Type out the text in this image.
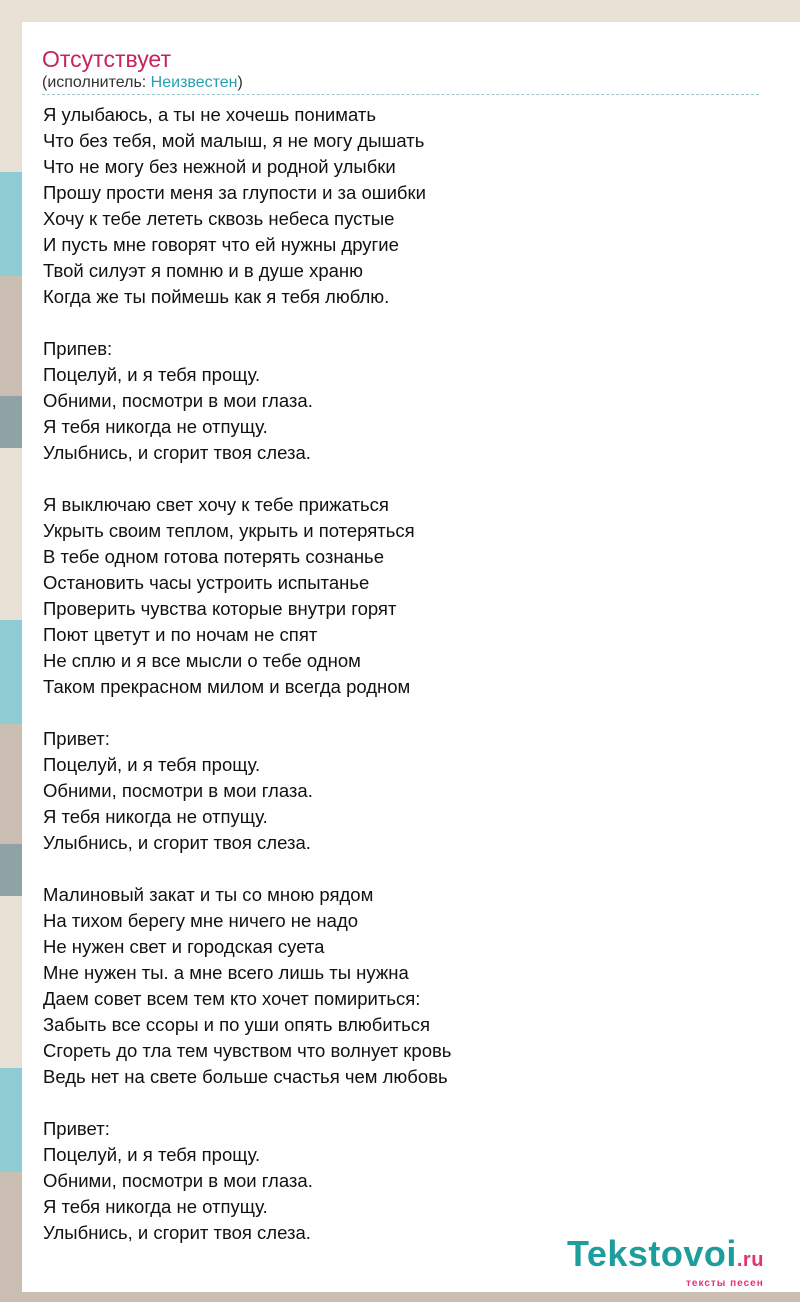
Отсутствует
(исполнитель: Неизвестен)
Я улыбаюсь, а ты не хочешь понимать
Что без тебя, мой малыш, я не могу дышать
Что не могу без нежной и родной улыбки
Прошу прости меня за глупости и за ошибки
Хочу к тебе лететь сквозь небеса пустые
И пусть мне говорят что ей нужны другие
Твой силуэт я помню и в душе храню
Когда же ты поймешь как я тебя люблю.
Припев:
Поцелуй, и я тебя прощу.
Обними, посмотри в мои глаза.
Я тебя никогда не отпущу.
Улыбнись, и сгорит твоя слеза.
Я выключаю свет хочу к тебе прижаться
Укрыть своим теплом, укрыть и потеряться
В тебе одном готова потерять сознанье
Остановить часы устроить испытанье
Проверить чувства которые внутри горят
Поют цветут и по ночам не спят
Не сплю и я все мысли о тебе одном
Таком прекрасном милом и всегда родном
Привет:
Поцелуй, и я тебя прощу.
Обними, посмотри в мои глаза.
Я тебя никогда не отпущу.
Улыбнись, и сгорит твоя слеза.
Малиновый закат и ты со мною рядом
На тихом берегу мне ничего не надо
Не нужен свет и городская суета
Мне нужен ты. а мне всего лишь ты нужна
Даем совет всем тем кто хочет помириться:
Забыть все ссоры и по уши опять влюбиться
Сгореть до тла тем чувством что волнует кровь
Ведь нет на свете больше счастья чем любовь
Привет:
Поцелуй, и я тебя прощу.
Обними, посмотри в мои глаза.
Я тебя никогда не отпущу.
Улыбнись, и сгорит твоя слеза.
Tekstovoi.ru
тексты песен
